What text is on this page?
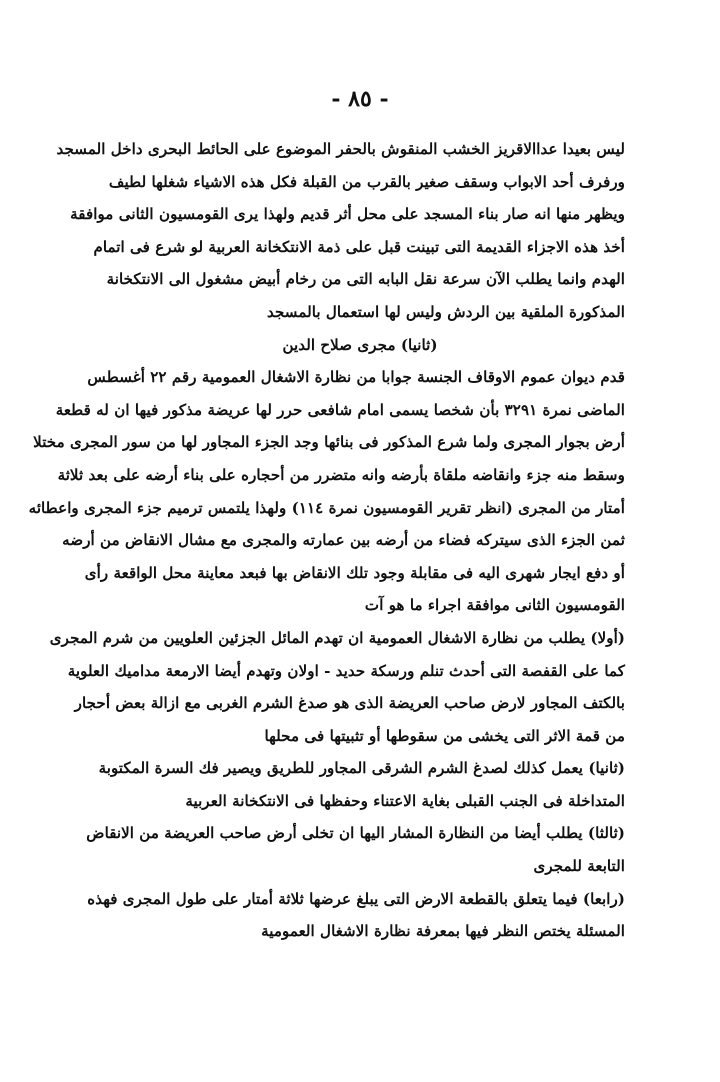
- ٨٥ -
ليس بعيدا عداالاقريز الخشب المنقوش بالحفر الموضوع على الحائط البحرى داخل المسجد
ورفرف أحد الابواب وسقف صغير بالقرب من القبلة فكل هذه الاشياء شغلها لطيف
ويظهر منها انه صار بناء المسجد على محل أثر قديم ولهذا يرى القومسيون الثانى موافقة
أخذ هذه الاجزاء القديمة التى تبينت قبل على ذمة الانتكخانة العربية لو شرع فى اتمام
الهدم وانما يطلب الآن سرعة نقل البابه التى من رخام أبيض مشغول الى الانتكخانة
المذكورة الملقية بين الردش وليس لها استعمال بالمسجد
(ثانيا) مجرى صلاح الدين
قدم ديوان عموم الاوقاف الجنسة جوابا من نظارة الاشغال العمومية رقم ٢٢ أغسطس
الماضى نمرة ٣٢٩١ بأن شخصا يسمى امام شافعى حرر لها عريضة مذكور فيها ان له قطعة
أرض بجوار المجرى ولما شرع المذكور فى بنائها وجد الجزء المجاور لها من سور المجرى مختلا
وسقط منه جزء وانقاضه ملقاة بأرضه وانه متضرر من أحجاره على بناء أرضه على بعد ثلاثة
أمتار من المجرى (انظر تقرير القومسيون نمرة ١١٤) ولهذا يلتمس ترميم جزء المجرى واعطائه
ثمن الجزء الذى سيتركه فضاء من أرضه بين عمارته والمجرى مع مشال الانقاض من أرضه
أو دفع ايجار شهرى اليه فى مقابلة وجود تلك الانقاض بها فبعد معاينة محل الواقعة رأى
القومسيون الثانى موافقة اجراء ما هو آت
(أولا) يطلب من نظارة الاشغال العمومية ان تهدم المائل الجزئين العلويين من شرم المجرى
كما على القفصة التى أحدث تنلم ورسكة حديد - اولان وتهدم أيضا الارمعة مداميك العلوية
بالكتف المجاور لارض صاحب العريضة الذى هو صدغ الشرم الغربى مع ازالة بعض أحجار
من قمة الاثر التى يخشى من سقوطها أو تثبيتها فى محلها
(ثانيا) يعمل كذلك لصدغ الشرم الشرقى المجاور للطريق ويصير فك السرة المكتوبة
المتداخلة فى الجنب القبلى بغاية الاعتناء وحفظها فى الانتكخانة العربية
(ثالثا) يطلب أيضا من النظارة المشار اليها ان تخلى أرض صاحب العريضة من الانقاض
التابعة للمجرى
(رابعا) فيما يتعلق بالقطعة الارض التى يبلغ عرضها ثلاثة أمتار على طول المجرى فهذه
المسئلة يختص النظر فيها بمعرفة نظارة الاشغال العمومية
